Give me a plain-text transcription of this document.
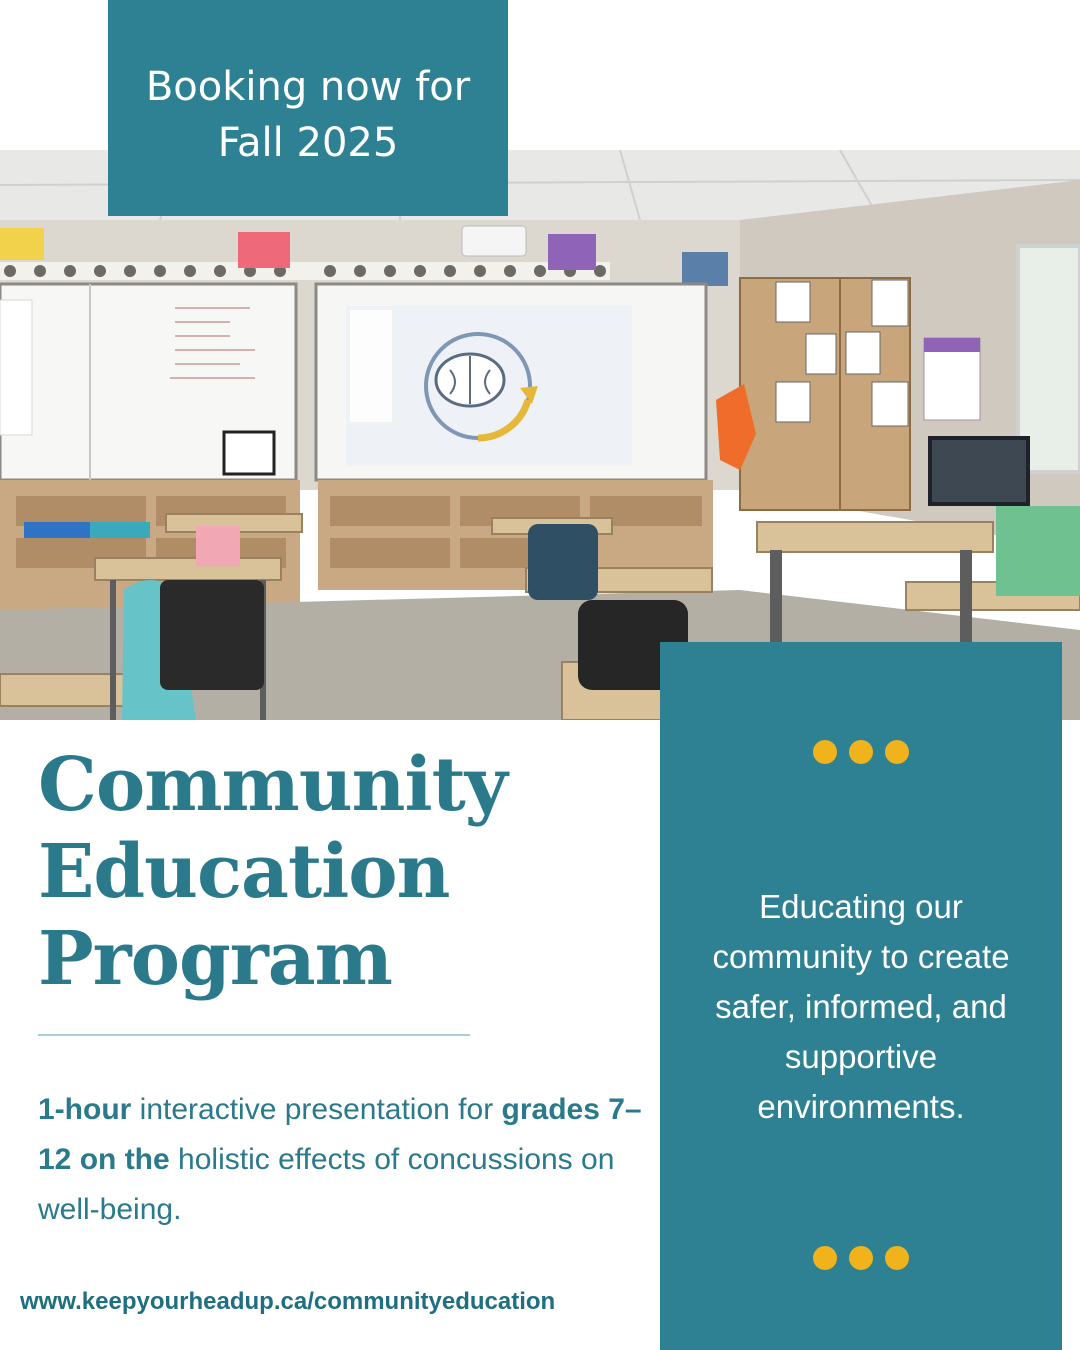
Booking now for
Fall 2025

Community
Education
Program

1-hour interactive presentation for grades 7–12 on the holistic effects of concussions on well-being.

www.keepyourheadup.ca/communityeducation

Educating our
community to create
safer, informed, and
supportive
environments.
